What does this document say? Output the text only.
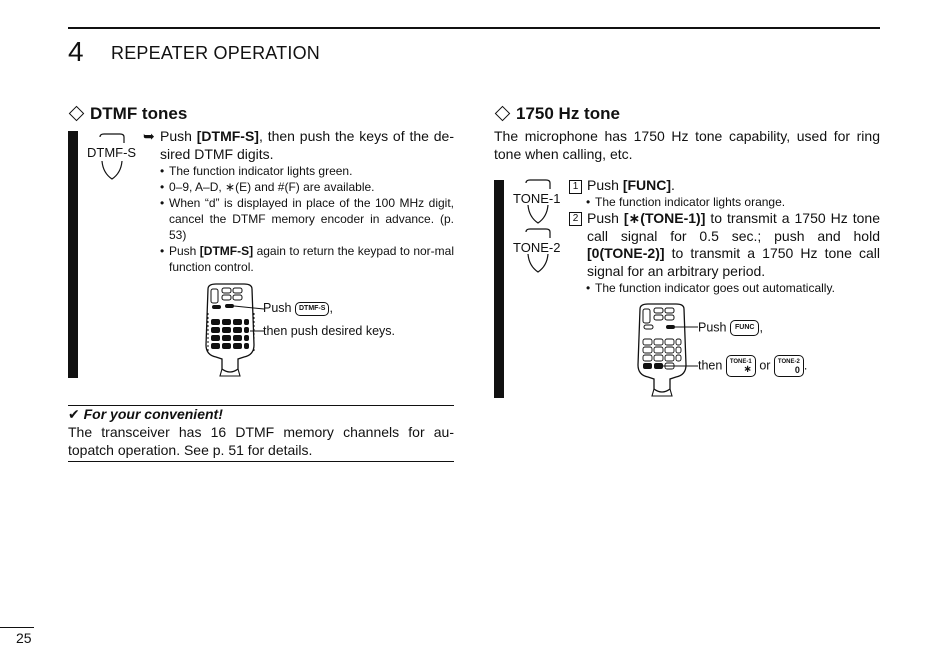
4 REPEATER OPERATION
DTMF tones
DTMF-S
➥ Push [DTMF-S], then push the keys of the de-sired DTMF digits.
• The function indicator lights green.
• 0–9, A–D, ∗(E) and #(F) are available.
• When “d” is displayed in place of the 100 MHz digit, cancel the DTMF memory encoder in advance. (p. 53)
• Push [DTMF-S] again to return the keypad to nor-mal function control.
Push DTMF-S ,
then push desired keys.
✔ For your convenient!
The transceiver has 16 DTMF memory channels for au-topatch operation. See p. 51 for details.
1750 Hz tone
The microphone has 1750 Hz tone capability, used for ring tone when calling, etc.
TONE-1
TONE-2
1 Push [FUNC].
• The function indicator lights orange.
2 Push [∗(TONE-1)] to transmit a 1750 Hz tone call signal for 0.5 sec.; push and hold [0(TONE-2)] to transmit a 1750 Hz tone call signal for an arbitrary period.
• The function indicator goes out automatically.
Push FUNC ,
then TONE-1
∗ or TONE-2
0 .
25
